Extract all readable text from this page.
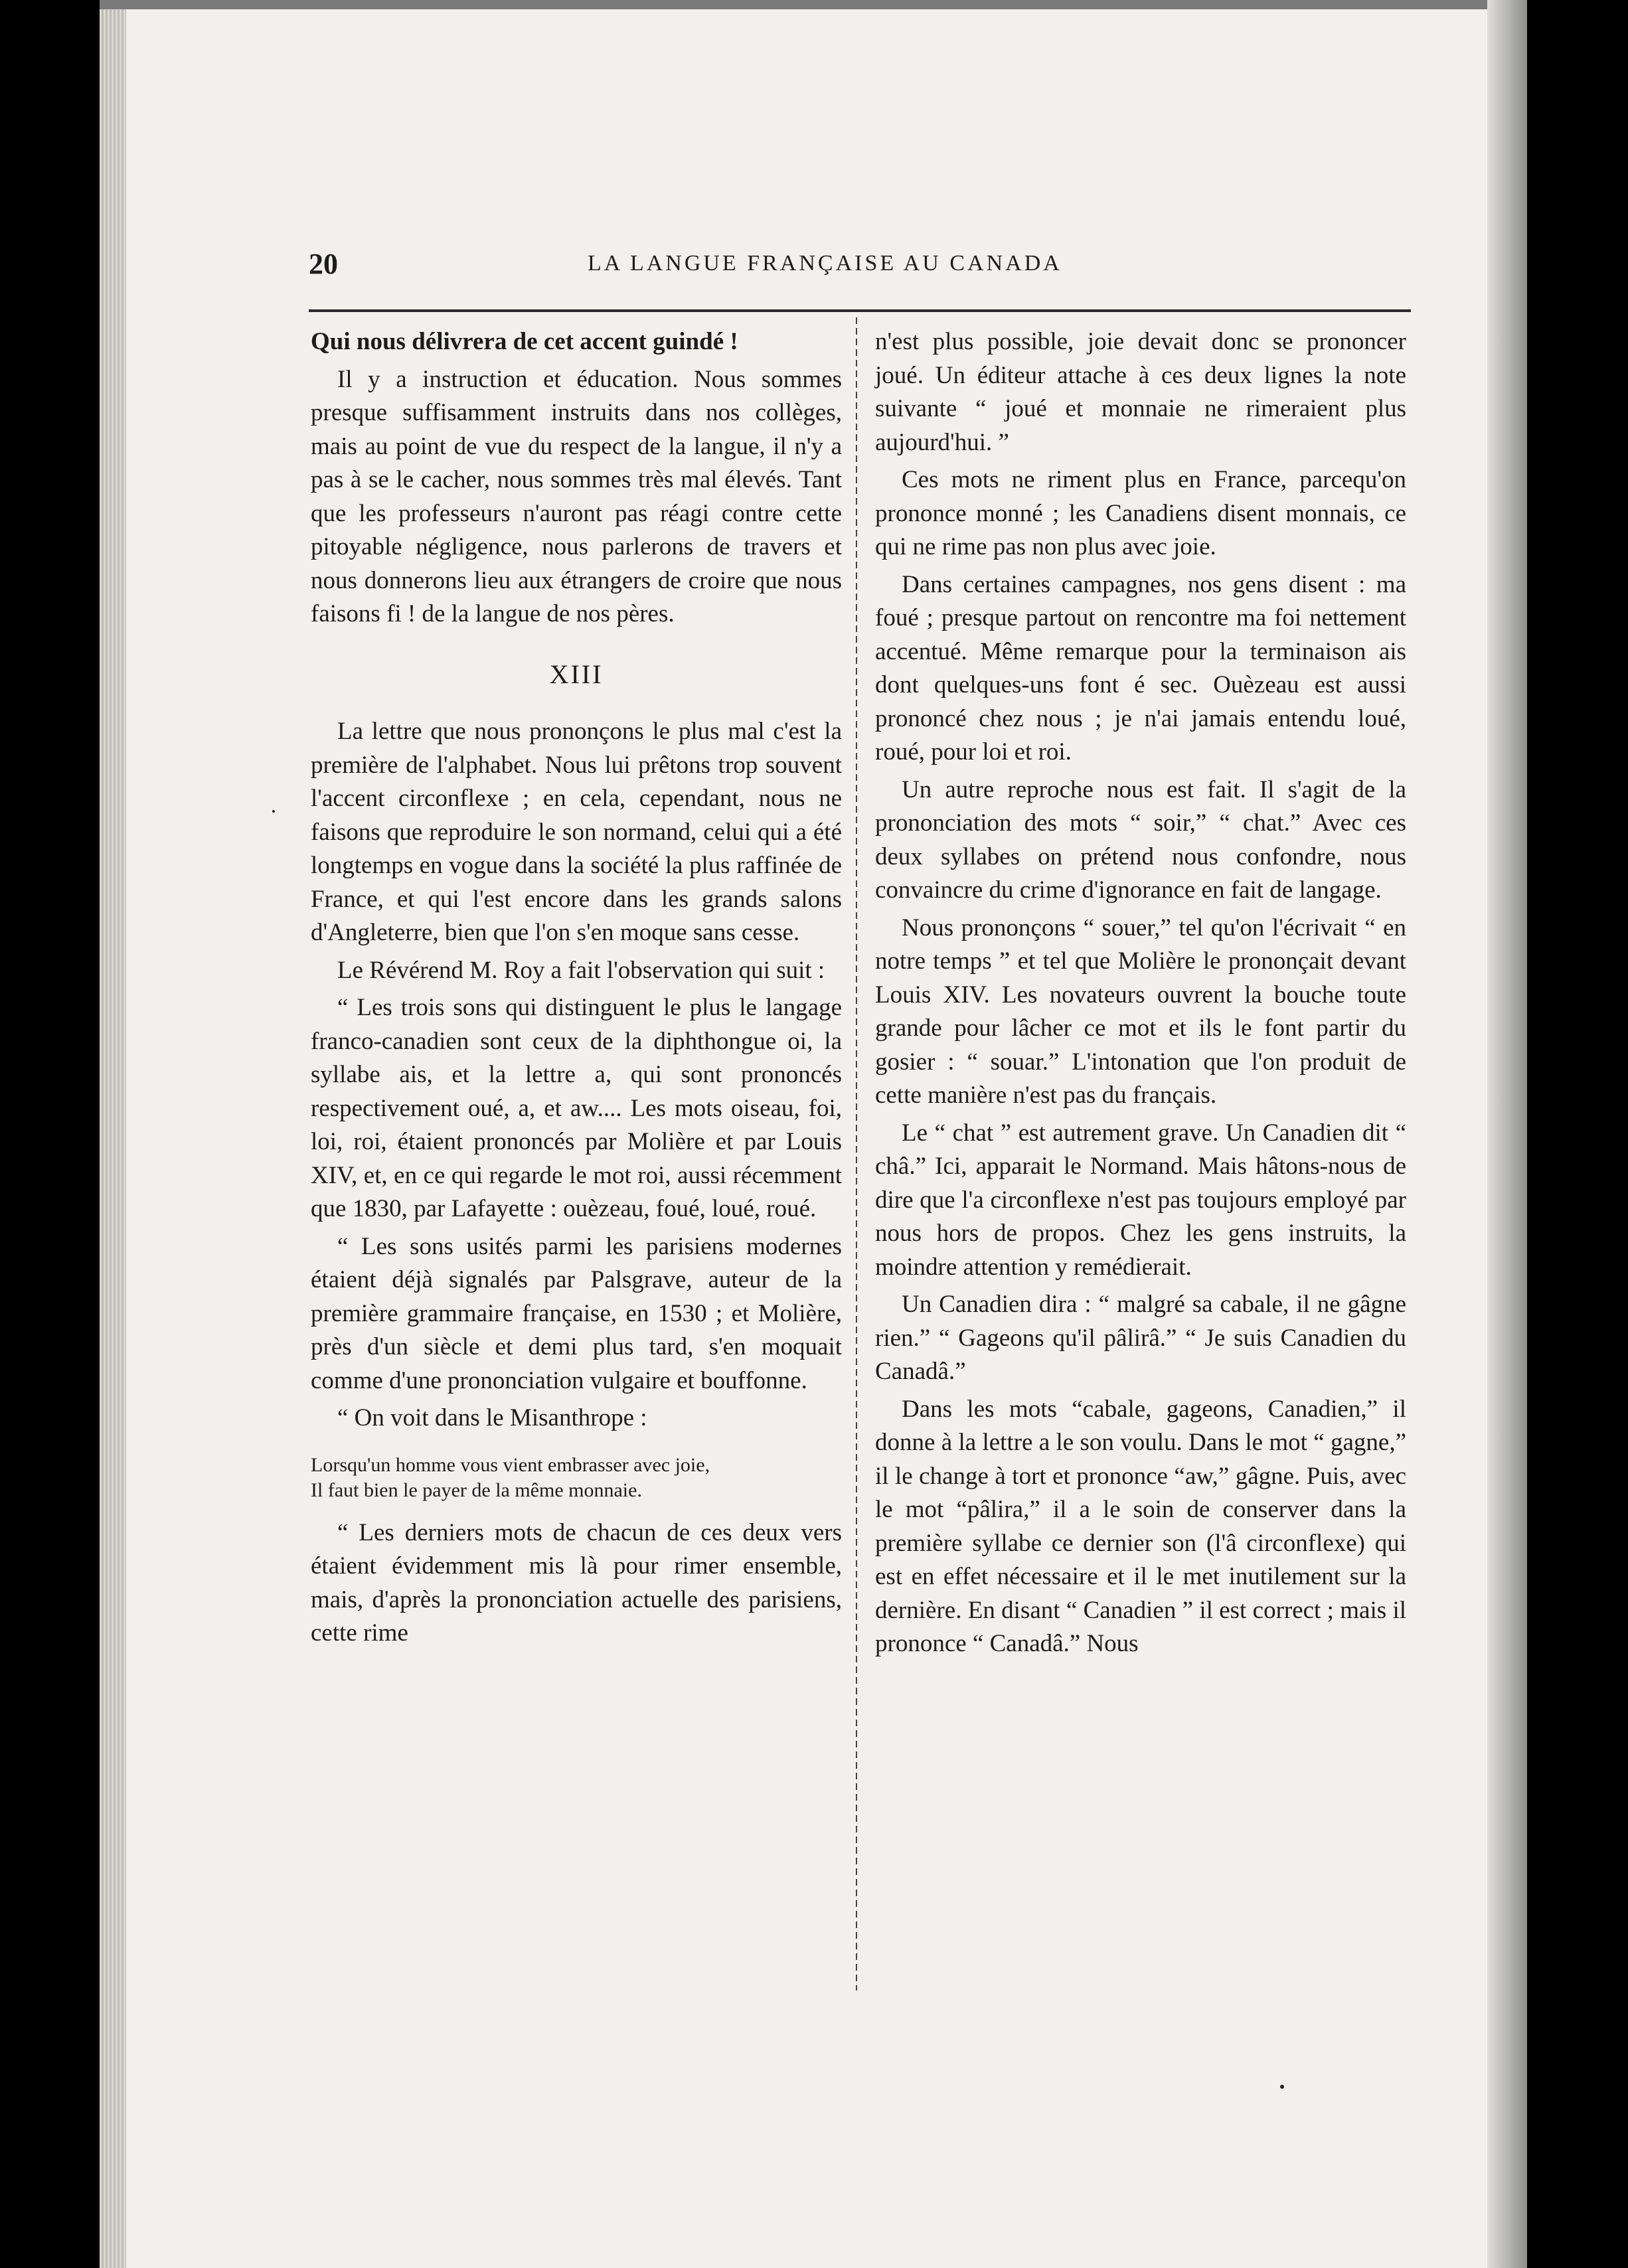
20	LA LANGUE FRANÇAISE AU CANADA

Qui nous délivrera de cet accent guindé !

Il y a instruction et éducation. Nous sommes presque suffisamment instruits dans nos collèges, mais au point de vue du respect de la langue, il n'y a pas à se le cacher, nous sommes très mal élevés. Tant que les professeurs n'auront pas réagi contre cette pitoyable négligence, nous parlerons de travers et nous donnerons lieu aux étrangers de croire que nous faisons fi ! de la langue de nos pères.

XIII

La lettre que nous prononçons le plus mal c'est la première de l'alphabet. Nous lui prêtons trop souvent l'accent circonflexe ; en cela, cependant, nous ne faisons que reproduire le son normand, celui qui a été longtemps en vogue dans la société la plus raffinée de France, et qui l'est encore dans les grands salons d'Angleterre, bien que l'on s'en moque sans cesse.

Le Révérend M. Roy a fait l'observation qui suit :

“ Les trois sons qui distinguent le plus le langage franco-canadien sont ceux de la diphthongue oi, la syllabe ais, et la lettre a, qui sont prononcés respectivement oué, a, et aw.... Les mots oiseau, foi, loi, roi, étaient prononcés par Molière et par Louis XIV, et, en ce qui regarde le mot roi, aussi récemment que 1830, par Lafayette : ouèzeau, foué, loué, roué.

“ Les sons usités parmi les parisiens modernes étaient déjà signalés par Palsgrave, auteur de la première grammaire française, en 1530 ; et Molière, près d'un siècle et demi plus tard, s'en moquait comme d'une prononciation vulgaire et bouffonne.

“ On voit dans le Misanthrope :

Lorsqu'un homme vous vient embrasser avec joie,
Il faut bien le payer de la même monnaie.

“ Les derniers mots de chacun de ces deux vers étaient évidemment mis là pour rimer ensemble, mais, d'après la prononciation actuelle des parisiens, cette rime

n'est plus possible, joie devait donc se prononcer joué. Un éditeur attache à ces deux lignes la note suivante “ joué et monnaie ne rimeraient plus aujourd'hui. ”

Ces mots ne riment plus en France, parcequ'on prononce monné ; les Canadiens disent monnais, ce qui ne rime pas non plus avec joie.

Dans certaines campagnes, nos gens disent : ma foué ; presque partout on rencontre ma foi nettement accentué. Même remarque pour la terminaison ais dont quelques-uns font é sec. Ouèzeau est aussi prononcé chez nous ; je n'ai jamais entendu loué, roué, pour loi et roi.

Un autre reproche nous est fait. Il s'agit de la prononciation des mots “ soir,” “ chat.” Avec ces deux syllabes on prétend nous confondre, nous convaincre du crime d'ignorance en fait de langage.

Nous prononçons “ souer,” tel qu'on l'écrivait “ en notre temps ” et tel que Molière le prononçait devant Louis XIV. Les novateurs ouvrent la bouche toute grande pour lâcher ce mot et ils le font partir du gosier : “ souar.” L'intonation que l'on produit de cette manière n'est pas du français.

Le “ chat ” est autrement grave. Un Canadien dit “ châ.” Ici, apparait le Normand. Mais hâtons-nous de dire que l'a circonflexe n'est pas toujours employé par nous hors de propos. Chez les gens instruits, la moindre attention y remédierait.

Un Canadien dira : “ malgré sa cabale, il ne gâgne rien.” “ Gageons qu'il pâlirâ.” “ Je suis Canadien du Canadâ.”

Dans les mots “cabale, gageons, Canadien,” il donne à la lettre a le son voulu. Dans le mot “ gagne,” il le change à tort et prononce “aw,” gâgne. Puis, avec le mot “pâlira,” il a le soin de conserver dans la première syllabe ce dernier son (l'â circonflexe) qui est en effet nécessaire et il le met inutilement sur la dernière. En disant “ Canadien ” il est correct ; mais il prononce “ Canadâ.” Nous
